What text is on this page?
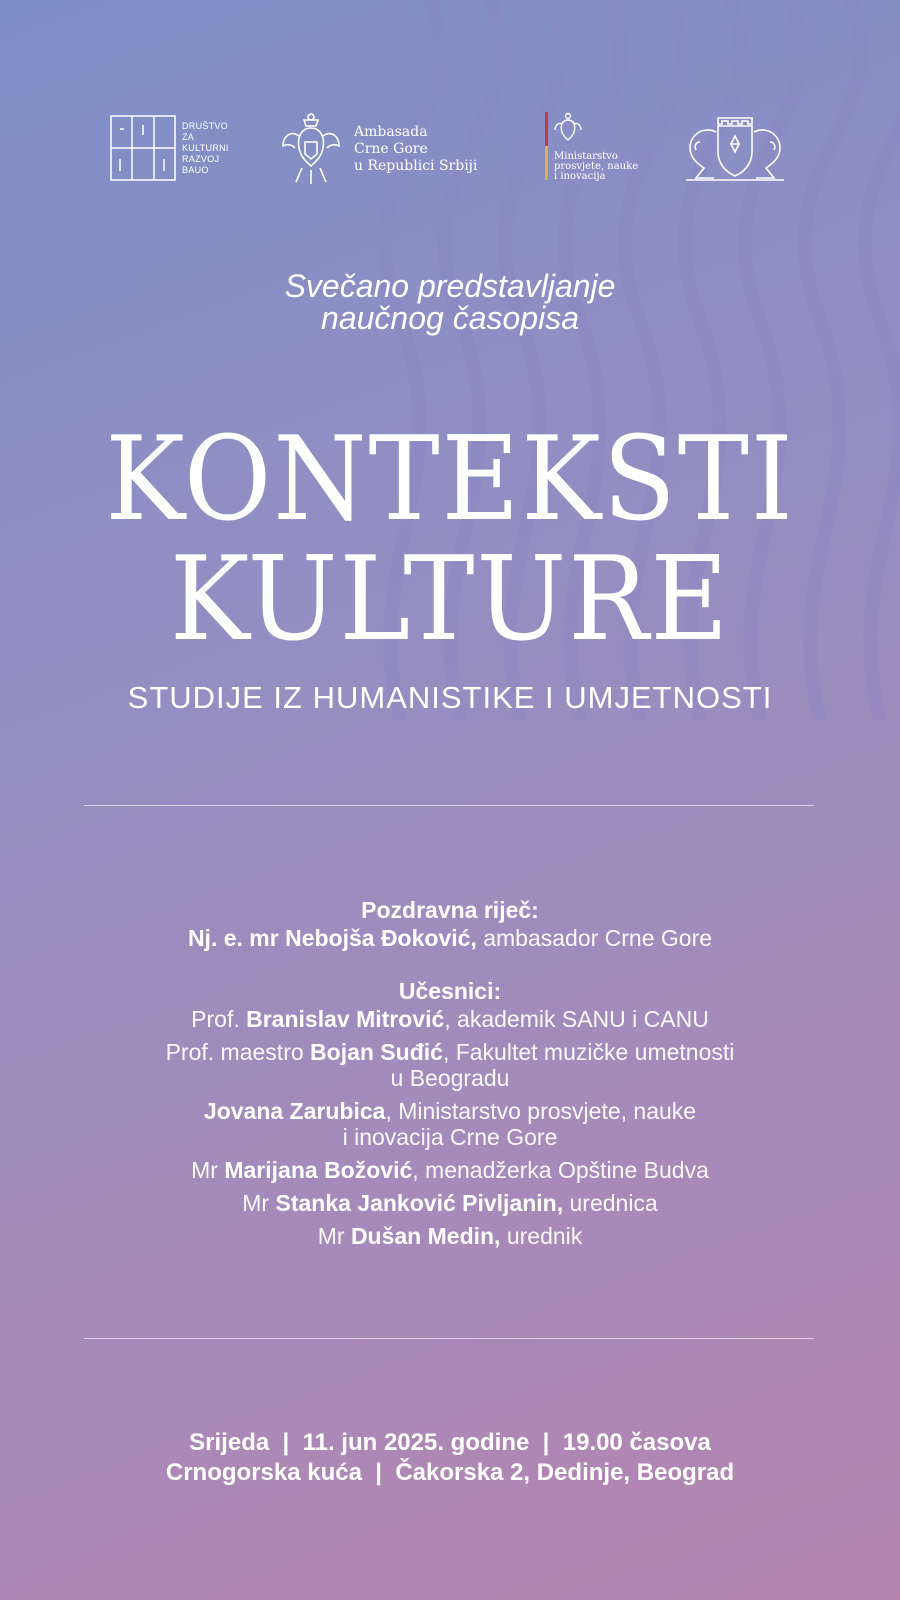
DRUŠTVO
ZA
KULTURNI
RAZVOJ
BAUO
Ambasada
Crne Gore
u Republici Srbiji
Ministarstvo
prosvjete, nauke
i inovacija
Svečano predstavljanje
naučnog časopisa
KONTEKSTI
KULTURE
STUDIJE IZ HUMANISTIKE I UMJETNOSTI
Pozdravna riječ:
Nj. e. mr Nebojša Đoković, ambasador Crne Gore
Učesnici:
Prof. Branislav Mitrović, akademik SANU i CANU
Prof. maestro Bojan Suđić, Fakultet muzičke umetnosti
u Beogradu
Jovana Zarubica, Ministarstvo prosvjete, nauke
i inovacija Crne Gore
Mr Marijana Božović, menadžerka Opštine Budva
Mr Stanka Janković Pivljanin, urednica
Mr Dušan Medin, urednik
Srijeda  |  11. jun 2025. godine  |  19.00 časova
Crnogorska kuća  |  Čakorska 2, Dedinje, Beograd
